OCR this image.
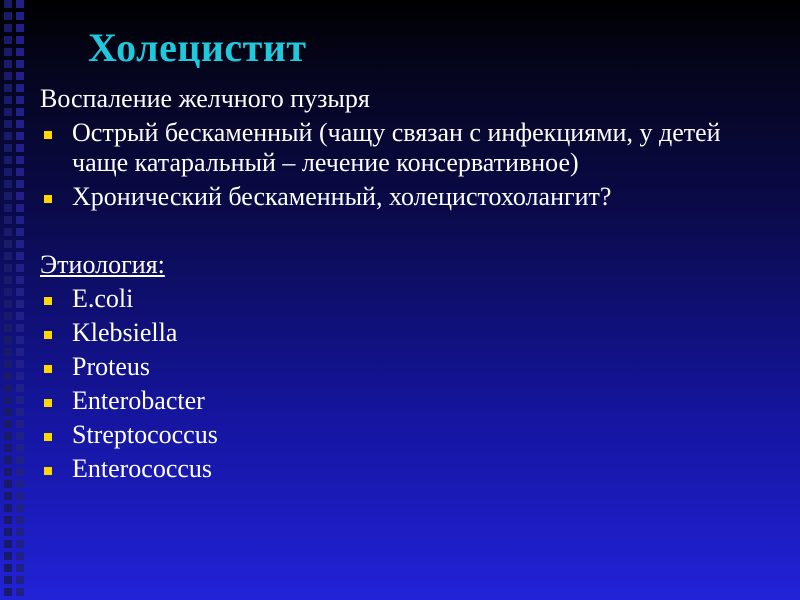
Холецистит

Воспаление желчного пузыря

Острый бескаменный (чащу связан с инфекциями, у детей чаще катаральный – лечение консервативное)
Хронический бескаменный, холецистохолангит?

Этиология:

E.coli
Klebsiella
Proteus
Enterobacter
Streptococcus
Enterococcus
